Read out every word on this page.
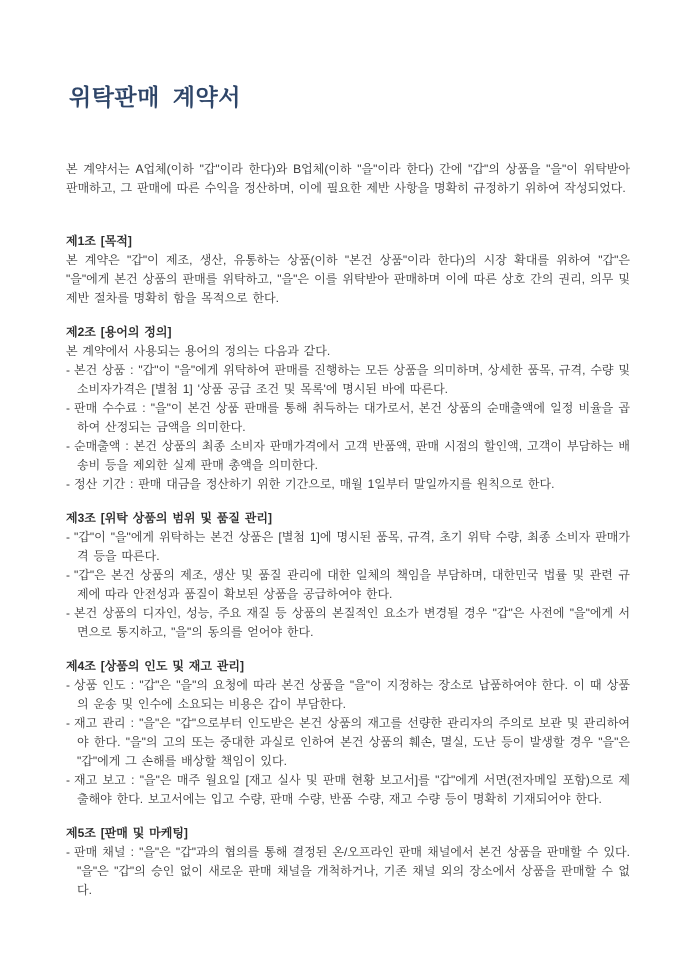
위탁판매 계약서

본 계약서는 A업체(이하 "갑"이라 한다)와 B업체(이하 "을"이라 한다) 간에 "갑"의 상품을 "을"이 위탁받아 판매하고, 그 판매에 따른 수익을 정산하며, 이에 필요한 제반 사항을 명확히 규정하기 위하여 작성되었다.

제1조 [목적]

본 계약은 "갑"이 제조, 생산, 유통하는 상품(이하 "본건 상품"이라 한다)의 시장 확대를 위하여 "갑"은 "을"에게 본건 상품의 판매를 위탁하고, "을"은 이를 위탁받아 판매하며 이에 따른 상호 간의 권리, 의무 및 제반 절차를 명확히 함을 목적으로 한다.

제2조 [용어의 정의]

본 계약에서 사용되는 용어의 정의는 다음과 같다.

- 본건 상품 : "갑"이 "을"에게 위탁하여 판매를 진행하는 모든 상품을 의미하며, 상세한 품목, 규격, 수량 및 소비자가격은 [별첨 1] '상품 공급 조건 및 목록'에 명시된 바에 따른다.
- 판매 수수료 : "을"이 본건 상품 판매를 통해 취득하는 대가로서, 본건 상품의 순매출액에 일정 비율을 곱하여 산정되는 금액을 의미한다.
- 순매출액 : 본건 상품의 최종 소비자 판매가격에서 고객 반품액, 판매 시점의 할인액, 고객이 부담하는 배송비 등을 제외한 실제 판매 총액을 의미한다.
- 정산 기간 : 판매 대금을 정산하기 위한 기간으로, 매월 1일부터 말일까지를 원칙으로 한다.
제3조 [위탁 상품의 범위 및 품질 관리]
- "갑"이 "을"에게 위탁하는 본건 상품은 [별첨 1]에 명시된 품목, 규격, 초기 위탁 수량, 최종 소비자 판매가격 등을 따른다.
- "갑"은 본건 상품의 제조, 생산 및 품질 관리에 대한 일체의 책임을 부담하며, 대한민국 법률 및 관련 규제에 따라 안전성과 품질이 확보된 상품을 공급하여야 한다.
- 본건 상품의 디자인, 성능, 주요 재질 등 상품의 본질적인 요소가 변경될 경우 "갑"은 사전에 "을"에게 서면으로 통지하고, "을"의 동의를 얻어야 한다.
제4조 [상품의 인도 및 재고 관리]
- 상품 인도 : "갑"은 "을"의 요청에 따라 본건 상품을 "을"이 지정하는 장소로 납품하여야 한다. 이 때 상품의 운송 및 인수에 소요되는 비용은 갑이 부담한다.
- 재고 관리 : "을"은 "갑"으로부터 인도받은 본건 상품의 재고를 선량한 관리자의 주의로 보관 및 관리하여야 한다. "을"의 고의 또는 중대한 과실로 인하여 본건 상품의 훼손, 멸실, 도난 등이 발생할 경우 "을"은 "갑"에게 그 손해를 배상할 책임이 있다.
- 재고 보고 : "을"은 매주 월요일 [재고 실사 및 판매 현황 보고서]를 "갑"에게 서면(전자메일 포함)으로 제출해야 한다. 보고서에는 입고 수량, 판매 수량, 반품 수량, 재고 수량 등이 명확히 기재되어야 한다.
제5조 [판매 및 마케팅]
- 판매 채널 : "을"은 "갑"과의 협의를 통해 결정된 온/오프라인 판매 채널에서 본건 상품을 판매할 수 있다. "을"은 "갑"의 승인 없이 새로운 판매 채널을 개척하거나, 기존 채널 외의 장소에서 상품을 판매할 수 없다.
